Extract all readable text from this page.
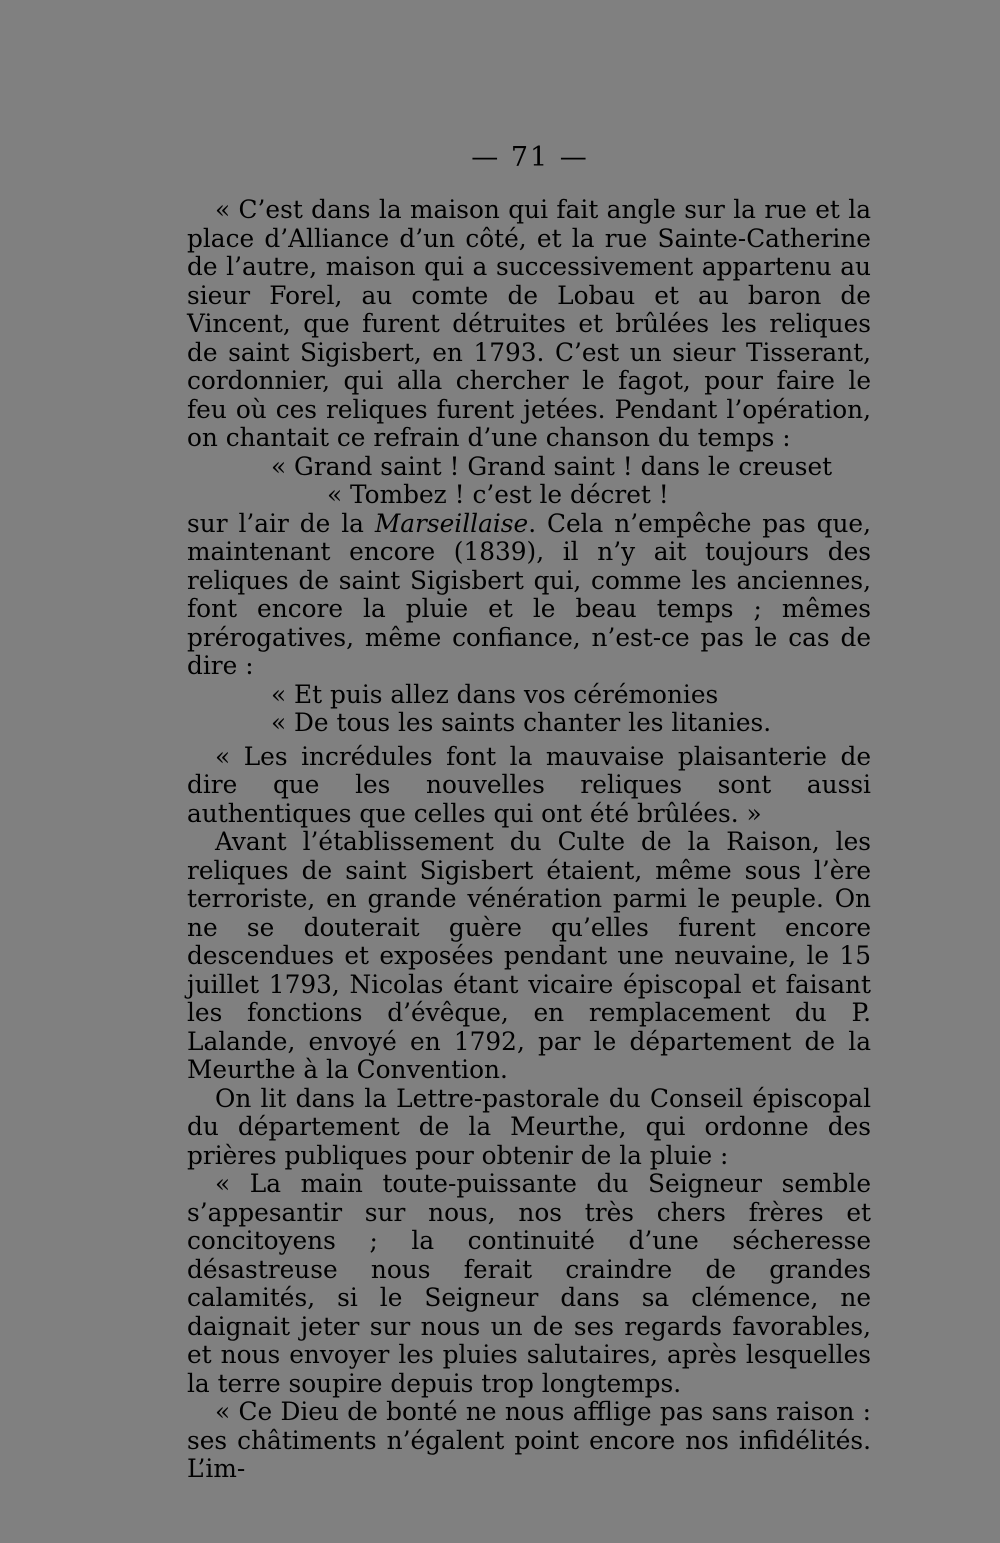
— 71 —

« C’est dans la maison qui fait angle sur la rue et la place d’Alliance d’un côté, et la rue Sainte-Catherine de l’autre, maison qui a successivement appartenu au sieur Forel, au comte de Lobau et au baron de Vincent, que furent détruites et brûlées les reliques de saint Sigisbert, en 1793. C’est un sieur Tisserant, cordonnier, qui alla chercher le fagot, pour faire le feu où ces reliques furent jetées. Pendant l’opération, on chantait ce refrain d’une chanson du temps :

« Grand saint ! Grand saint ! dans le creuset

« Tombez ! c’est le décret !

sur l’air de la Marseillaise. Cela n’empêche pas que, maintenant encore (1839), il n’y ait toujours des reliques de saint Sigisbert qui, comme les anciennes, font encore la pluie et le beau temps ; mêmes prérogatives, même confiance, n’est-ce pas le cas de dire :

« Et puis allez dans vos cérémonies

« De tous les saints chanter les litanies.

« Les incrédules font la mauvaise plaisanterie de dire que les nouvelles reliques sont aussi authentiques que celles qui ont été brûlées. »

Avant l’établissement du Culte de la Raison, les reliques de saint Sigisbert étaient, même sous l’ère terroriste, en grande vénération parmi le peuple. On ne se douterait guère qu’elles furent encore descendues et exposées pendant une neuvaine, le 15 juillet 1793, Nicolas étant vicaire épiscopal et faisant les fonctions d’évêque, en remplacement du P. Lalande, envoyé en 1792, par le département de la Meurthe à la Convention.

On lit dans la Lettre-pastorale du Conseil épiscopal du département de la Meurthe, qui ordonne des prières publiques pour obtenir de la pluie :

« La main toute-puissante du Seigneur semble s’appesantir sur nous, nos très chers frères et concitoyens ; la continuité d’une sécheresse désastreuse nous ferait craindre de grandes calamités, si le Seigneur dans sa clémence, ne daignait jeter sur nous un de ses regards favorables, et nous envoyer les pluies salutaires, après lesquelles la terre soupire depuis trop longtemps.

« Ce Dieu de bonté ne nous afflige pas sans raison : ses châtiments n’égalent point encore nos infidélités. L’im-
